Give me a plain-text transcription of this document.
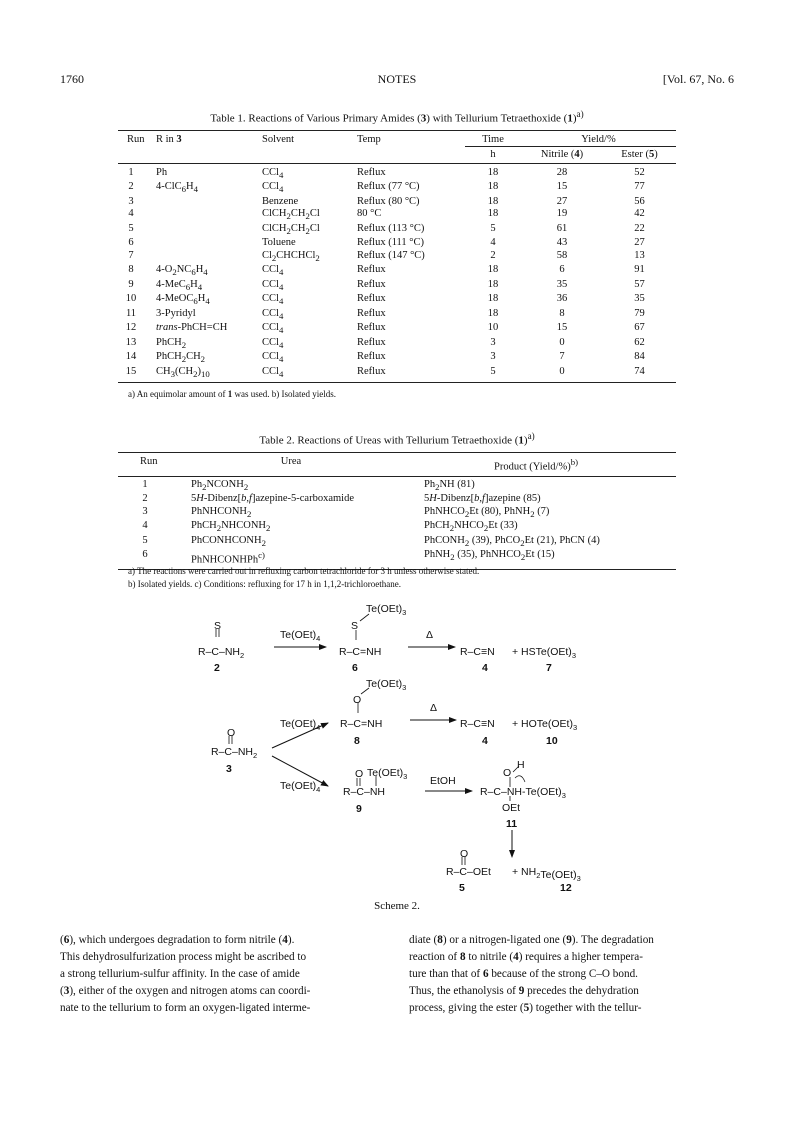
1760	NOTES	[Vol. 67, No. 6
Table 1. Reactions of Various Primary Amides (3) with Tellurium Tetraethoxide $(1)^{a)}$
Run	R in 3	Solvent	Temp	Time	Yield/%	
				h	Nitrile (4)	Ester (5)
1	Ph	CCl$_4$	Reflux	18	28	52
2	$4-ClC_6H_4$	CCl$_4$	Reflux (77 °C)	18	15	77
3		Benzene	Reflux (80 °C)	18	27	56
4		$ClCH_2CH_2Cl$	80 °C	18	19	42
5		$ClCH_2CH_2Cl$	Reflux (113 °C)	5	61	22
6		Toluene	Reflux (111 °C)	4	43	27
7		$Cl_2CHCHCl_2$	Reflux (147 °C)	2	58	13
8	$4-O_2NC_6H_4$	CCl$_4$	Reflux	18	6	91
9	$4-MeC_6H_4$	CCl$_4$	Reflux	18	35	57
10	$4-MeOC_6H_4$	CCl$_4$	Reflux	18	36	35
11	3-Pyridyl	CCl$_4$	Reflux	18	8	79
12	trans-PhCH=CH	CCl$_4$	Reflux	10	15	67
13	PhCH$_2$	CCl$_4$	Reflux	3	0	62
14	$PhCH_2CH_2$	CCl$_4$	Reflux	3	7	84
15	$CH_3(CH_2)_{10}$	CCl$_4$	Reflux	5	0	74
a) An equimolar amount of 1 was used. b) Isolated yields.
Table 2. Reactions of Ureas with Tellurium Tetraethoxide $(1)^{a)}$
Run	Urea	Product (Yield/%)$^{b)}$
1	$Ph_2NCONH_2$	$Ph_2NH$ (81)
2	5H-Dibenz[b,f]azepine-5-carboxamide	5H-Dibenz[b,f]azepine (85)
3	PhNHCONH$_2$	PhNHCO$_2$Et (80), PhNH$_2$ (7)
4	$PhCH_2NHCONH_2$	$PhCH_2NHCO_2Et$ (33)
5	PhCONHCONH$_2$	PhCONH$_2$ (39), PhCO$_2$Et (21), PhCN (4)
6	PhNHCONHPh$^{c)}$	PhNH$_2$ (35), PhNHCO$_2$Et (15)
a) The reactions were carried out in refluxing carbon tetrachloride for 3 h unless otherwise stated.
b) Isolated yields. c) Conditions: refluxing for 17 h in 1,1,2-trichloroethane.
S
$R-C-NH_2$
2
$Te(OEt)_4$
$Te(OEt)_3$
S
R–C=NH
6
Δ
$R-C\equiv N + HSTe(OEt)_3$
4	7
$Te(OEt)_3$
O
R–C=NH
8
$Te(OEt)_4$
Δ
$R-C\equiv N + HOTe(OEt)_3$
4	10
O
$R-C-NH_2$
3
$Te(OEt)_4$
O $Te(OEt)_3$
R–C–NH
9
EtOH
H
O
$R-C-NH-Te(OEt)_3$
OEt
11
O
$R-C-OEt + NH_2Te(OEt)_3$
5	12
Scheme 2.
(6), which undergoes degradation to form nitrile (4).
This dehydrosulfurization process might be ascribed to
a strong tellurium-sulfur affinity. In the case of amide
(3), either of the oxygen and nitrogen atoms can coordi-
nate to the tellurium to form an oxygen-ligated interme-
diate (8) or a nitrogen-ligated one (9). The degradation
reaction of 8 to nitrile (4) requires a higher tempera-
ture than that of 6 because of the strong C–O bond.
Thus, the ethanolysis of 9 precedes the dehydration
process, giving the ester (5) together with the tellur-
